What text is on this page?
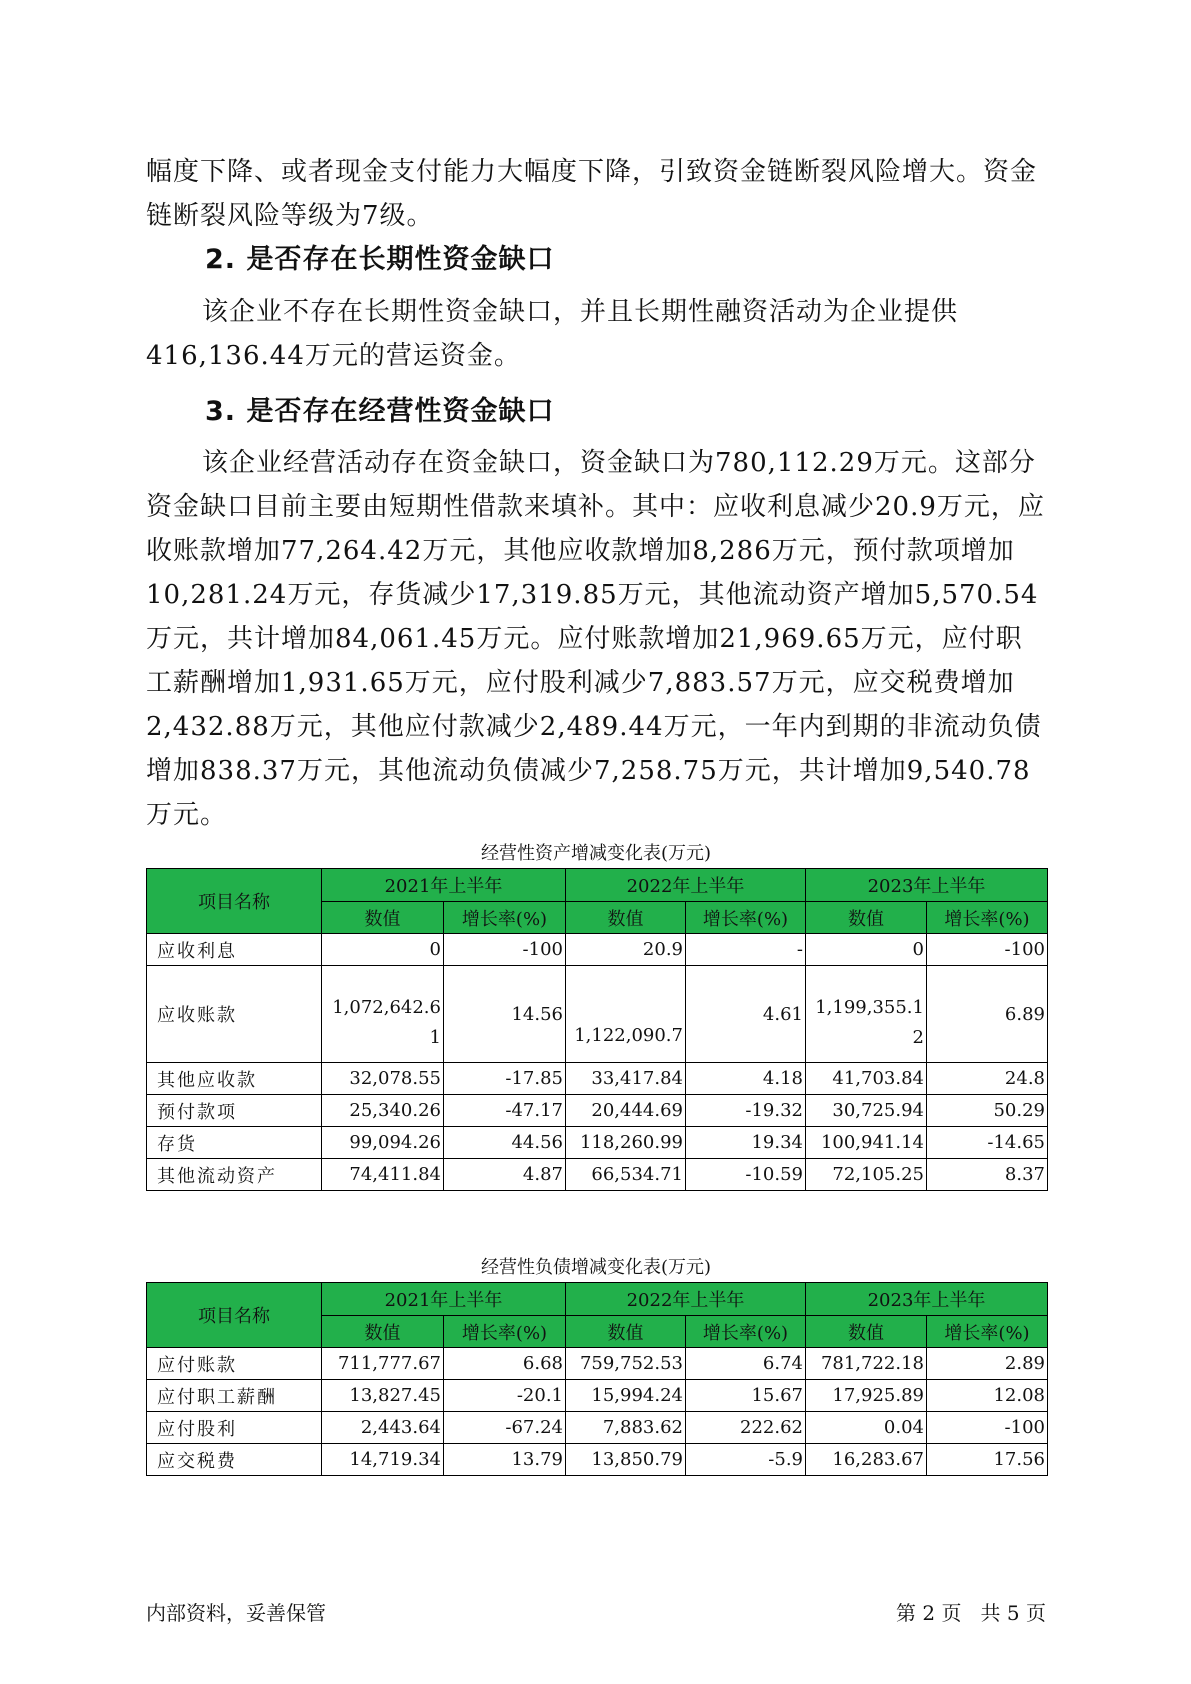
幅度下降、或者现金支付能力大幅度下降，引致资金链断裂风险增大。资金链断裂风险等级为7级。

2. 是否存在长期性资金缺口

该企业不存在长期性资金缺口，并且长期性融资活动为企业提供416,136.44万元的营运资金。

3. 是否存在经营性资金缺口

该企业经营活动存在资金缺口，资金缺口为780,112.29万元。这部分资金缺口目前主要由短期性借款来填补。其中：应收利息减少20.9万元，应收账款增加77,264.42万元，其他应收款增加8,286万元，预付款项增加10,281.24万元，存货减少17,319.85万元，其他流动资产增加5,570.54万元，共计增加84,061.45万元。应付账款增加21,969.65万元，应付职工薪酬增加1,931.65万元，应付股利减少7,883.57万元，应交税费增加2,432.88万元，其他应付款减少2,489.44万元，一年内到期的非流动负债增加838.37万元，其他流动负债减少7,258.75万元，共计增加9,540.78万元。

经营性资产增减变化表(万元)

项目名称	2021年上半年		2022年上半年		2023年上半年	
	数值	增长率(%)	数值	增长率(%)	数值	增长率(%)
应收利息	0	-100	20.9	-	0	-100
应收账款	1,072,642.61	14.56	1,122,090.7	4.61	1,199,355.12	6.89
其他应收款	32,078.55	-17.85	33,417.84	4.18	41,703.84	24.8
预付款项	25,340.26	-47.17	20,444.69	-19.32	30,725.94	50.29
存货	99,094.26	44.56	118,260.99	19.34	100,941.14	-14.65
其他流动资产	74,411.84	4.87	66,534.71	-10.59	72,105.25	8.37

经营性负债增减变化表(万元)

项目名称	2021年上半年		2022年上半年		2023年上半年	
	数值	增长率(%)	数值	增长率(%)	数值	增长率(%)
应付账款	711,777.67	6.68	759,752.53	6.74	781,722.18	2.89
应付职工薪酬	13,827.45	-20.1	15,994.24	15.67	17,925.89	12.08
应付股利	2,443.64	-67.24	7,883.62	222.62	0.04	-100
应交税费	14,719.34	13.79	13,850.79	-5.9	16,283.67	17.56

内部资料，妥善保管	第 2 页   共 5 页
